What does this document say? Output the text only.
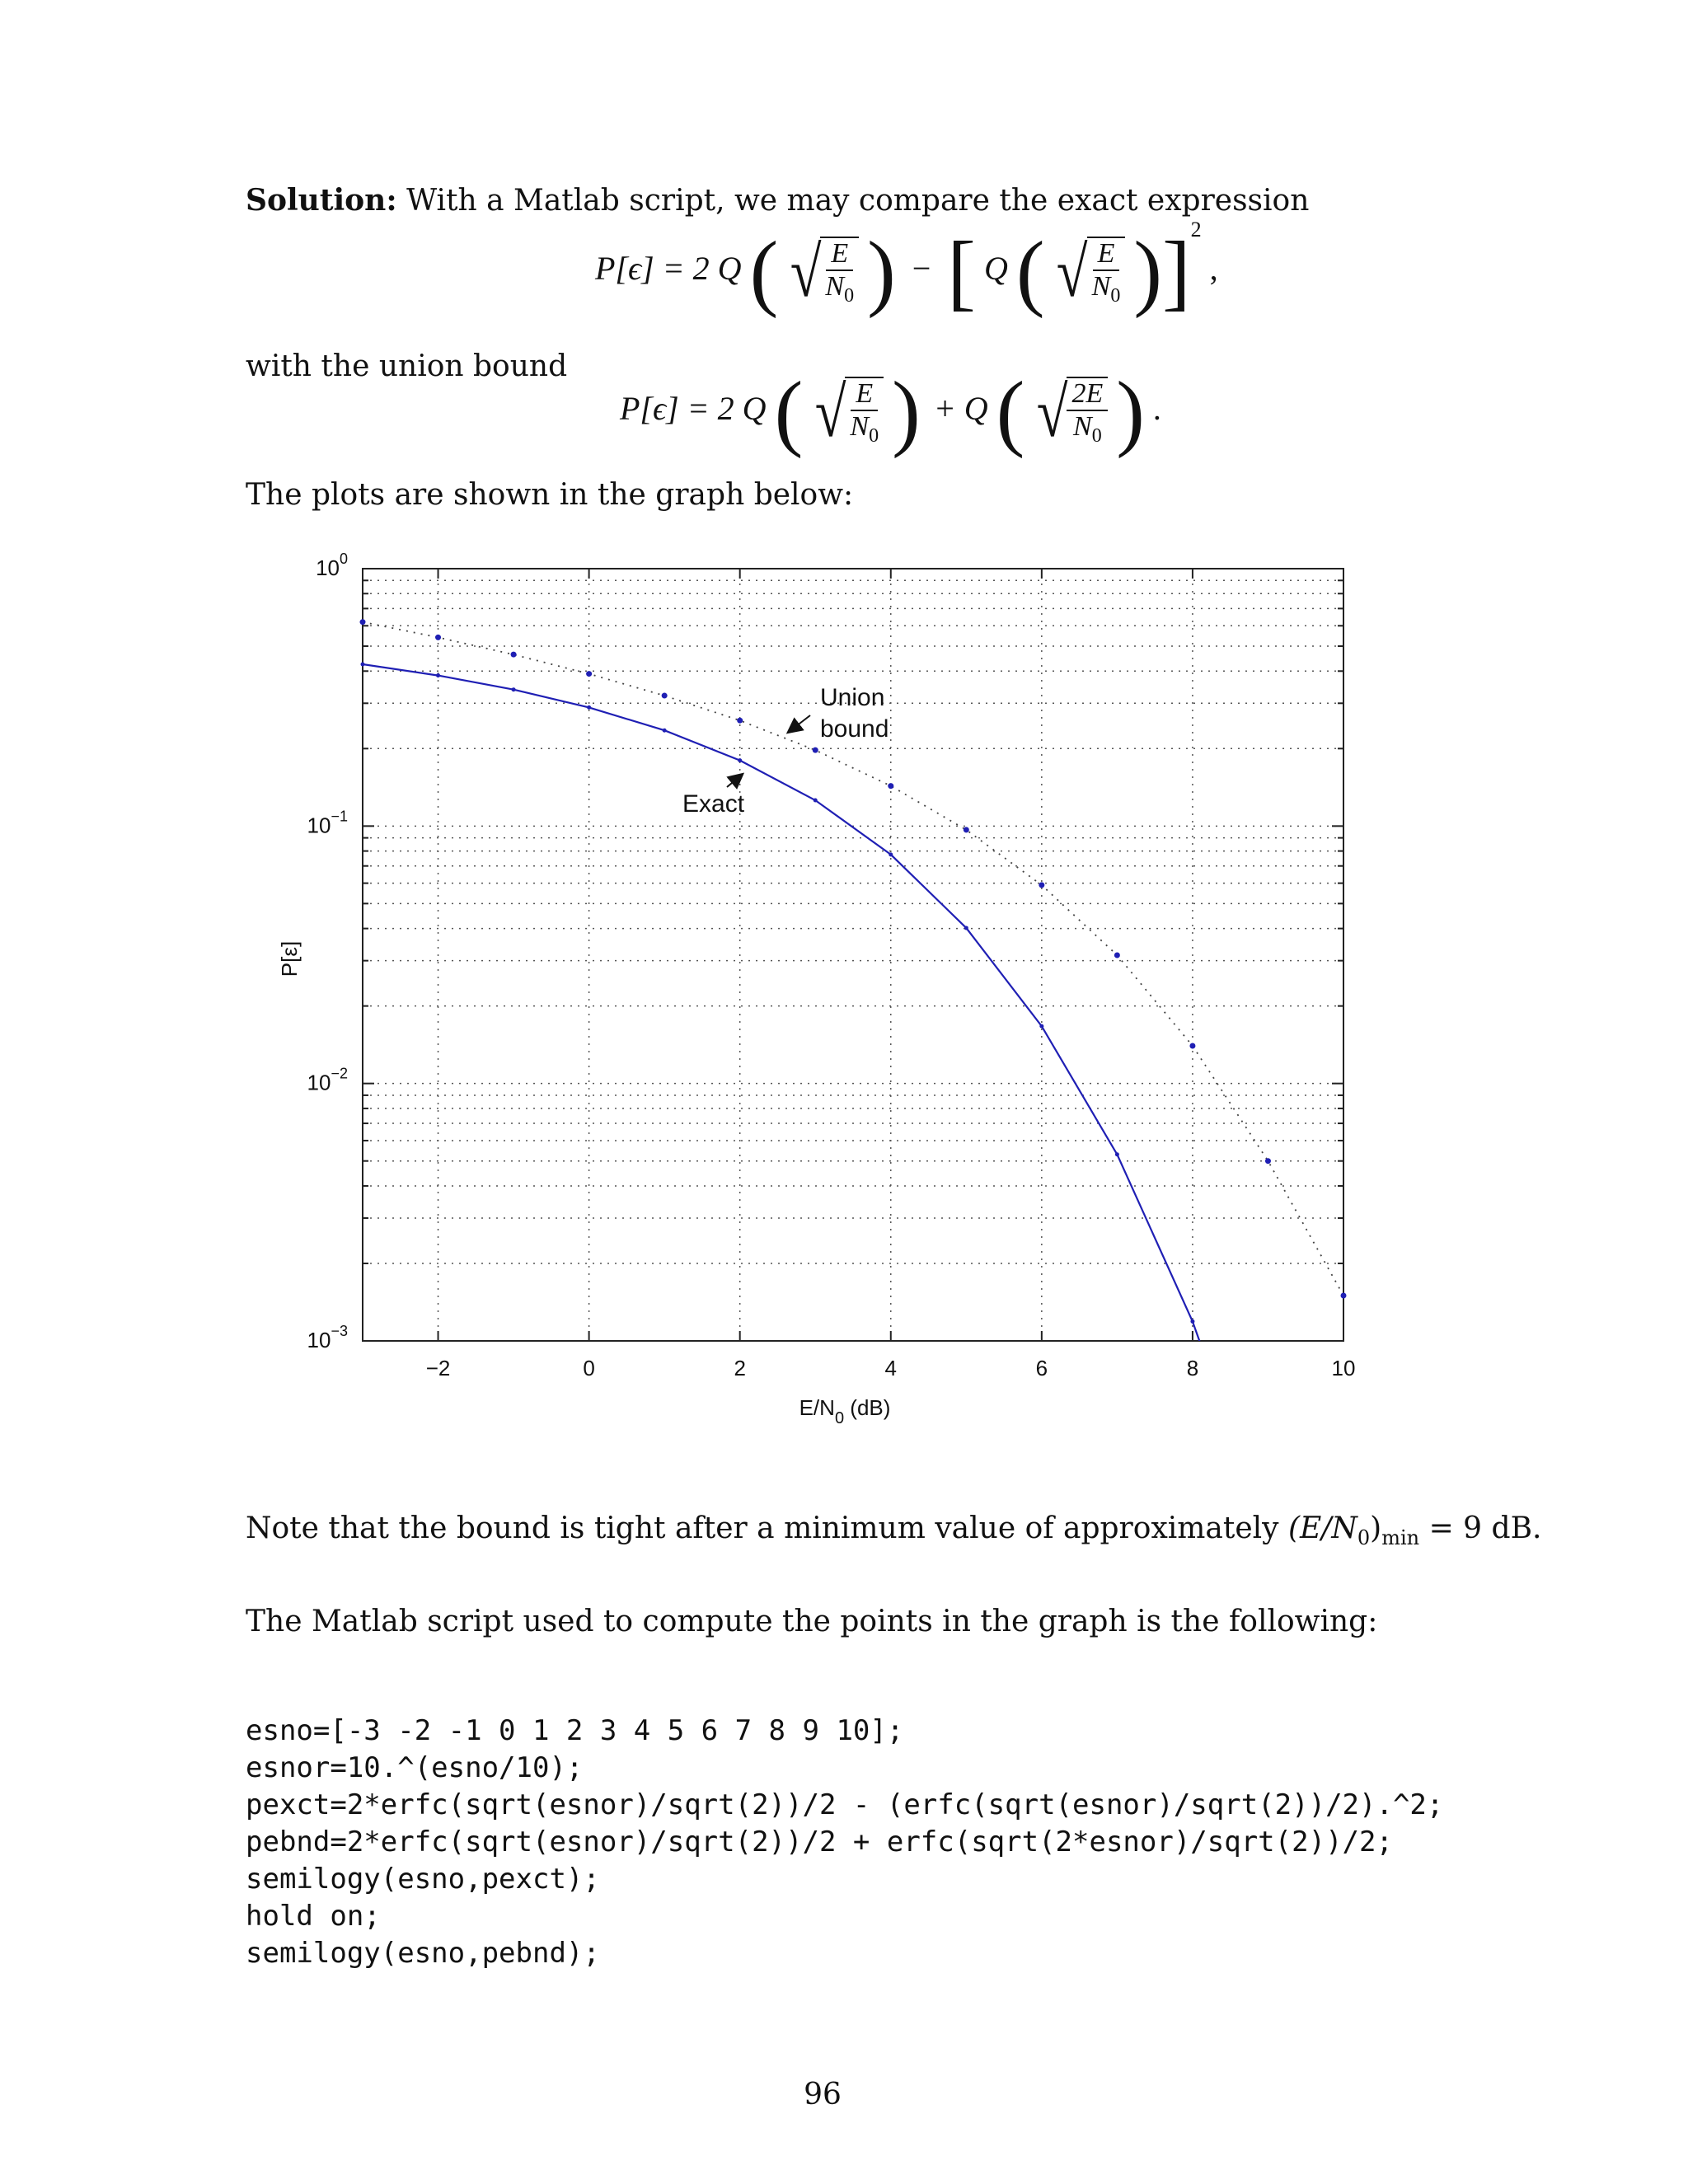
Solution: With a Matlab script, we may compare the exact expression
P[ϵ] = 2 Q ( √
$\frac{E}{N_0}$ ) − [ Q ( √
$\frac{E}{N_0} )]^2$ ,
with the union bound
P[ϵ] = 2 Q ( √
$\frac{E}{N_0}$ ) + Q ( √
$\frac{2E}{N_0}$ ) .
The plots are shown in the graph below:
−2	0	2	4	6	8	10
$10^0$
$10^{-1}$
$10^{-2}$
$10^{-3}$
$E/N_0$ (dB)
P[ε]
Union
bound
Exact
Note that the bound is tight after a minimum value of approximately $(E/N_0)_{min} = 9$ dB.
The Matlab script used to compute the points in the graph is the following:

esno=[-3 -2 -1 0 1 2 3 4 5 6 7 8 9 10];
esnor=10.^(esno/10);
pexct=2*erfc(sqrt(esnor)/sqrt(2))/2 - (erfc(sqrt(esnor)/sqrt(2))/2).^2;
pebnd=2*erfc(sqrt(esnor)/sqrt(2))/2 + erfc(sqrt(2*esnor)/sqrt(2))/2;
semilogy(esno,pexct);
hold on;
semilogy(esno,pebnd);
96
